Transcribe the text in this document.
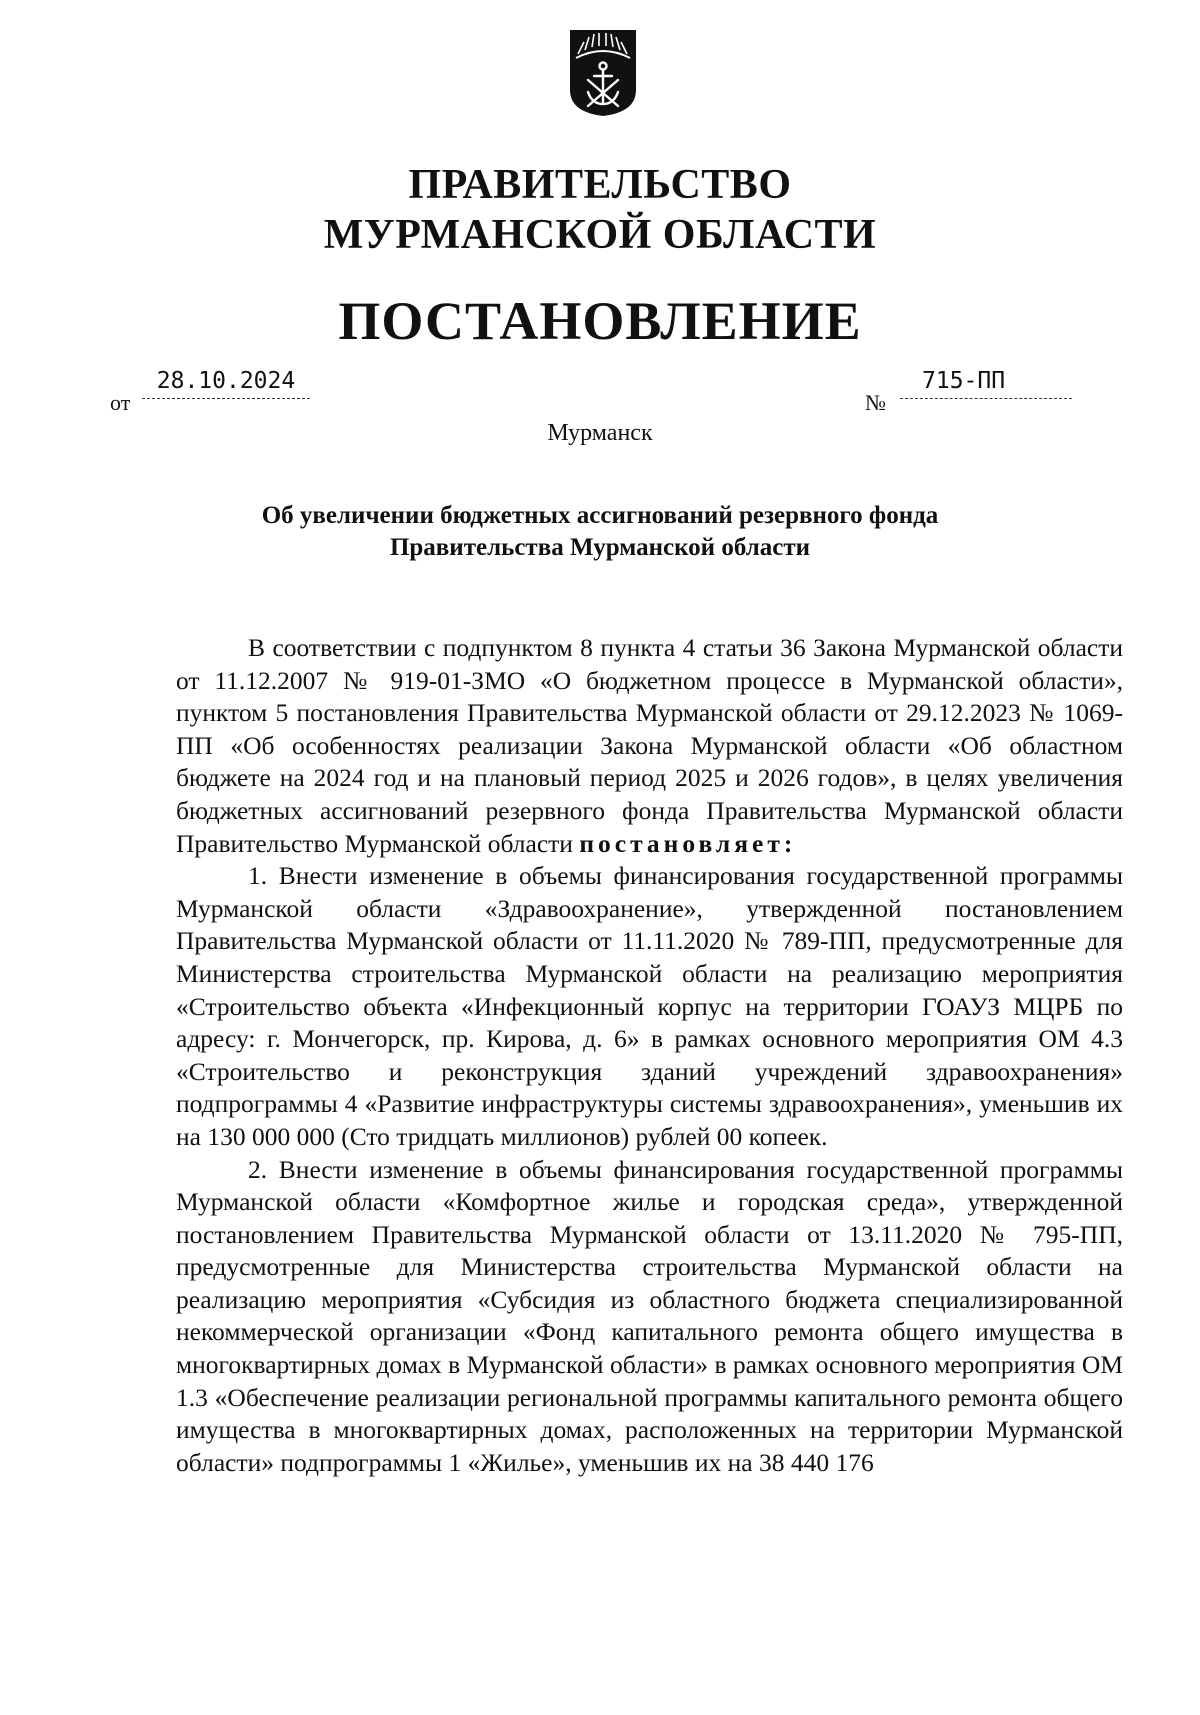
ПРАВИТЕЛЬСТВО
МУРМАНСКОЙ ОБЛАСТИ
ПОСТАНОВЛЕНИЕ
от
28.10.2024
№
715-ПП
Мурманск
Об увеличении бюджетных ассигнований резервного фонда
Правительства Мурманской области

В соответствии с подпунктом 8 пункта 4 статьи 36 Закона Мурманской области от 11.12.2007 № 919-01-ЗМО «О бюджетном процессе в Мурманской области», пунктом 5 постановления Правительства Мурманской области от 29.12.2023 № 1069-ПП «Об особенностях реализации Закона Мурманской области «Об областном бюджете на 2024 год и на плановый период 2025 и 2026 годов», в целях увеличения бюджетных ассигнований резервного фонда Правительства Мурманской области Правительство Мурманской области постановляет:

1. Внести изменение в объемы финансирования государственной программы Мурманской области «Здравоохранение», утвержденной постановлением Правительства Мурманской области от 11.11.2020 № 789-ПП, предусмотренные для Министерства строительства Мурманской области на реализацию мероприятия «Строительство объекта «Инфекционный корпус на территории ГОАУЗ МЦРБ по адресу: г. Мончегорск, пр. Кирова, д. 6» в рамках основного мероприятия ОМ 4.3 «Строительство и реконструкция зданий учреждений здравоохранения» подпрограммы 4 «Развитие инфраструктуры системы здравоохранения», уменьшив их на 130 000 000 (Сто тридцать миллионов) рублей 00 копеек.

2. Внести изменение в объемы финансирования государственной программы Мурманской области «Комфортное жилье и городская среда», утвержденной постановлением Правительства Мурманской области от 13.11.2020 № 795-ПП, предусмотренные для Министерства строительства Мурманской области на реализацию мероприятия «Субсидия из областного бюджета специализированной некоммерческой организации «Фонд капитального ремонта общего имущества в многоквартирных домах в Мурманской области» в рамках основного мероприятия ОМ 1.3 «Обеспечение реализации региональной программы капитального ремонта общего имущества в многоквартирных домах, расположенных на территории Мурманской области» подпрограммы 1 «Жилье», уменьшив их на 38 440 176
